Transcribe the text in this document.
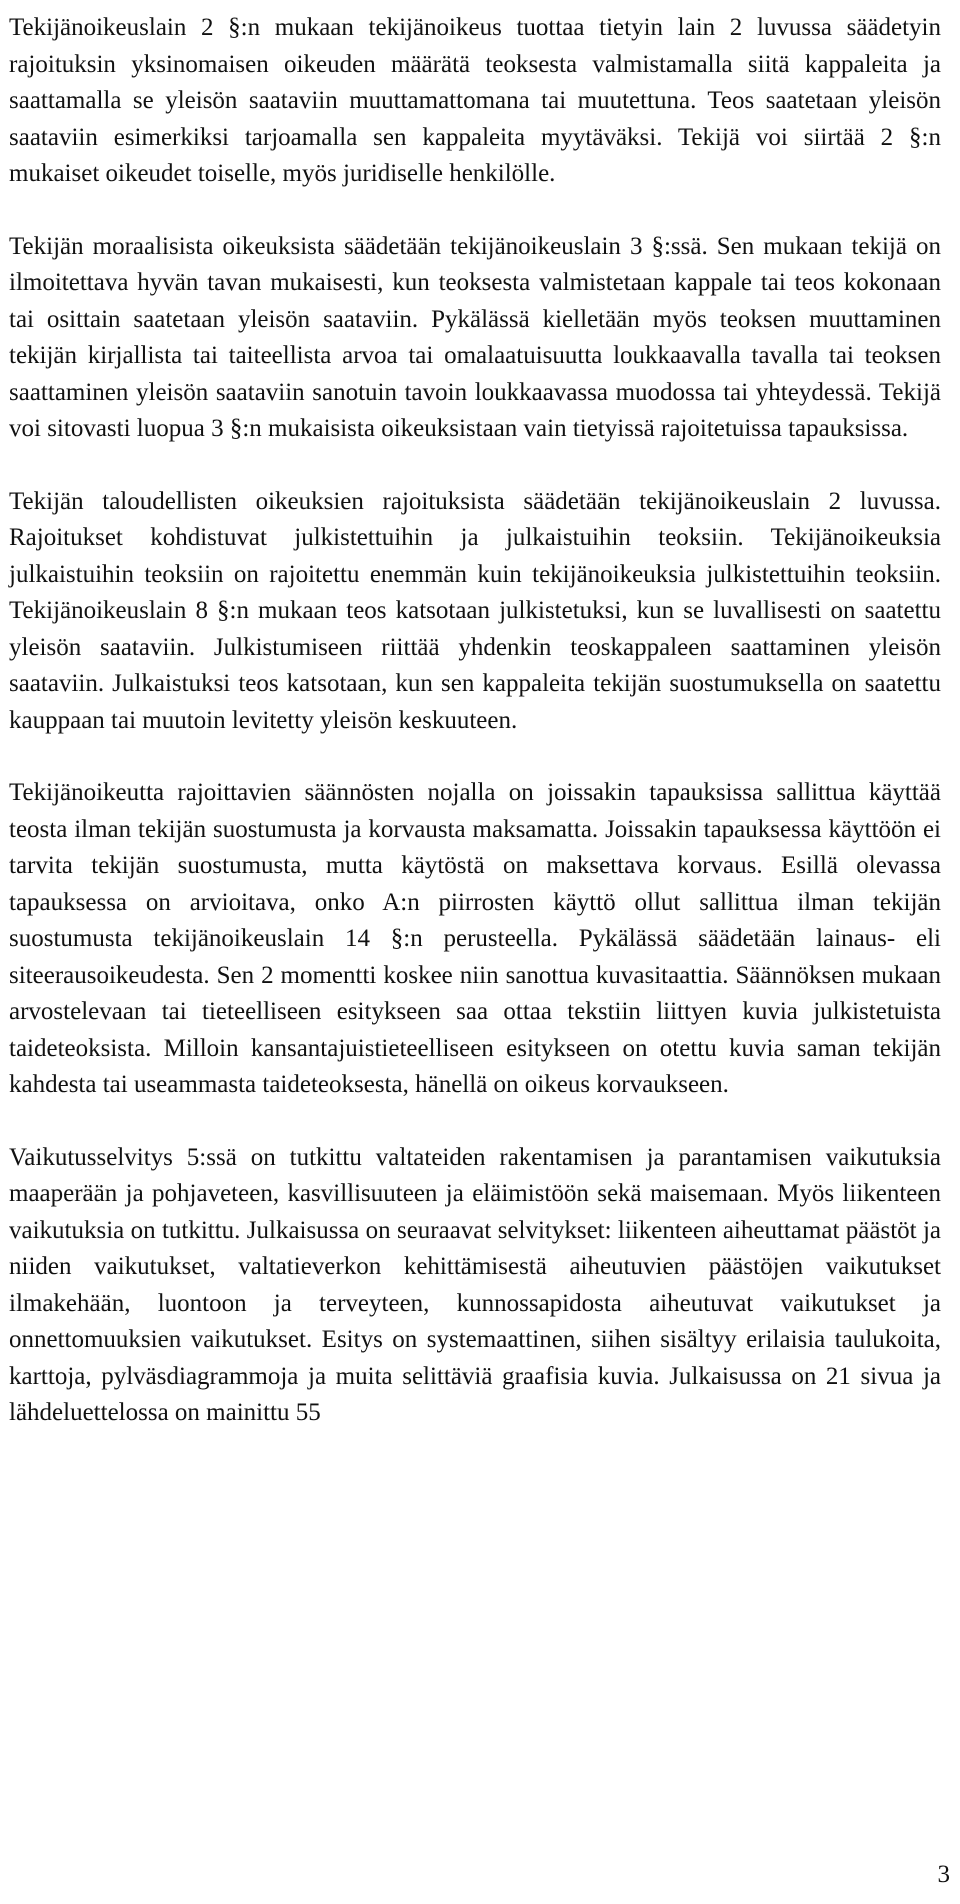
Tekijänoikeuslain 2 §:n mukaan tekijänoikeus tuottaa tietyin lain 2 luvussa säädetyin rajoituksin yksinomaisen oikeuden määrätä teoksesta valmistamalla siitä kappaleita ja saattamalla se yleisön saataviin muuttamattomana tai muutettuna. Teos saatetaan yleisön saataviin esimerkiksi tarjoamalla sen kappaleita myytäväksi. Tekijä voi siirtää 2 §:n mukaiset oikeudet toiselle, myös juridiselle henkilölle.

Tekijän moraalisista oikeuksista säädetään tekijänoikeuslain 3 §:ssä. Sen mukaan tekijä on ilmoitettava hyvän tavan mukaisesti, kun teoksesta valmistetaan kappale tai teos kokonaan tai osittain saatetaan yleisön saataviin. Pykälässä kielletään myös teoksen muuttaminen tekijän kirjallista tai taiteellista arvoa tai omalaatuisuutta loukkaavalla tavalla tai teoksen saattaminen yleisön saataviin sanotuin tavoin loukkaavassa muodossa tai yhteydessä. Tekijä voi sitovasti luopua 3 §:n mukaisista oikeuksistaan vain tietyissä rajoitetuissa tapauksissa.

Tekijän taloudellisten oikeuksien rajoituksista säädetään tekijänoikeuslain 2 luvussa. Rajoitukset kohdistuvat julkistettuihin ja julkaistuihin teoksiin. Tekijänoikeuksia julkaistuihin teoksiin on rajoitettu enemmän kuin tekijänoikeuksia julkistettuihin teoksiin. Tekijänoikeuslain 8 §:n mukaan teos katsotaan julkistetuksi, kun se luvallisesti on saatettu yleisön saataviin. Julkistumiseen riittää yhdenkin teoskappaleen saattaminen yleisön saataviin. Julkaistuksi teos katsotaan, kun sen kappaleita tekijän suostumuksella on saatettu kauppaan tai muutoin levitetty yleisön keskuuteen.

Tekijänoikeutta rajoittavien säännösten nojalla on joissakin tapauksissa sallittua käyttää teosta ilman tekijän suostumusta ja korvausta maksamatta. Joissakin tapauksessa käyttöön ei tarvita tekijän suostumusta, mutta käytöstä on maksettava korvaus. Esillä olevassa tapauksessa on arvioitava, onko A:n piirrosten käyttö ollut sallittua ilman tekijän suostumusta tekijänoikeuslain 14 §:n perusteella. Pykälässä säädetään lainaus- eli siteerausoikeudesta. Sen 2 momentti koskee niin sanottua kuvasitaattia. Säännöksen mukaan arvostelevaan tai tieteelliseen esitykseen saa ottaa tekstiin liittyen kuvia julkistetuista taideteoksista. Milloin kansantajuistieteelliseen esitykseen on otettu kuvia saman tekijän kahdesta tai useammasta taideteoksesta, hänellä on oikeus korvaukseen.

Vaikutusselvitys 5:ssä on tutkittu valtateiden rakentamisen ja parantamisen vaikutuksia maaperään ja pohjaveteen, kasvillisuuteen ja eläimistöön sekä maisemaan. Myös liikenteen vaikutuksia on tutkittu. Julkaisussa on seuraavat selvitykset: liikenteen aiheuttamat päästöt ja niiden vaikutukset, valtatieverkon kehittämisestä aiheutuvien päästöjen vaikutukset ilmakehään, luontoon ja terveyteen, kunnossapidosta aiheutuvat vaikutukset ja onnettomuuksien vaikutukset. Esitys on systemaattinen, siihen sisältyy erilaisia taulukoita, karttoja, pylväsdiagrammoja ja muita selittäviä graafisia kuvia. Julkaisussa on 21 sivua ja lähdeluettelossa on mainittu 55

3
